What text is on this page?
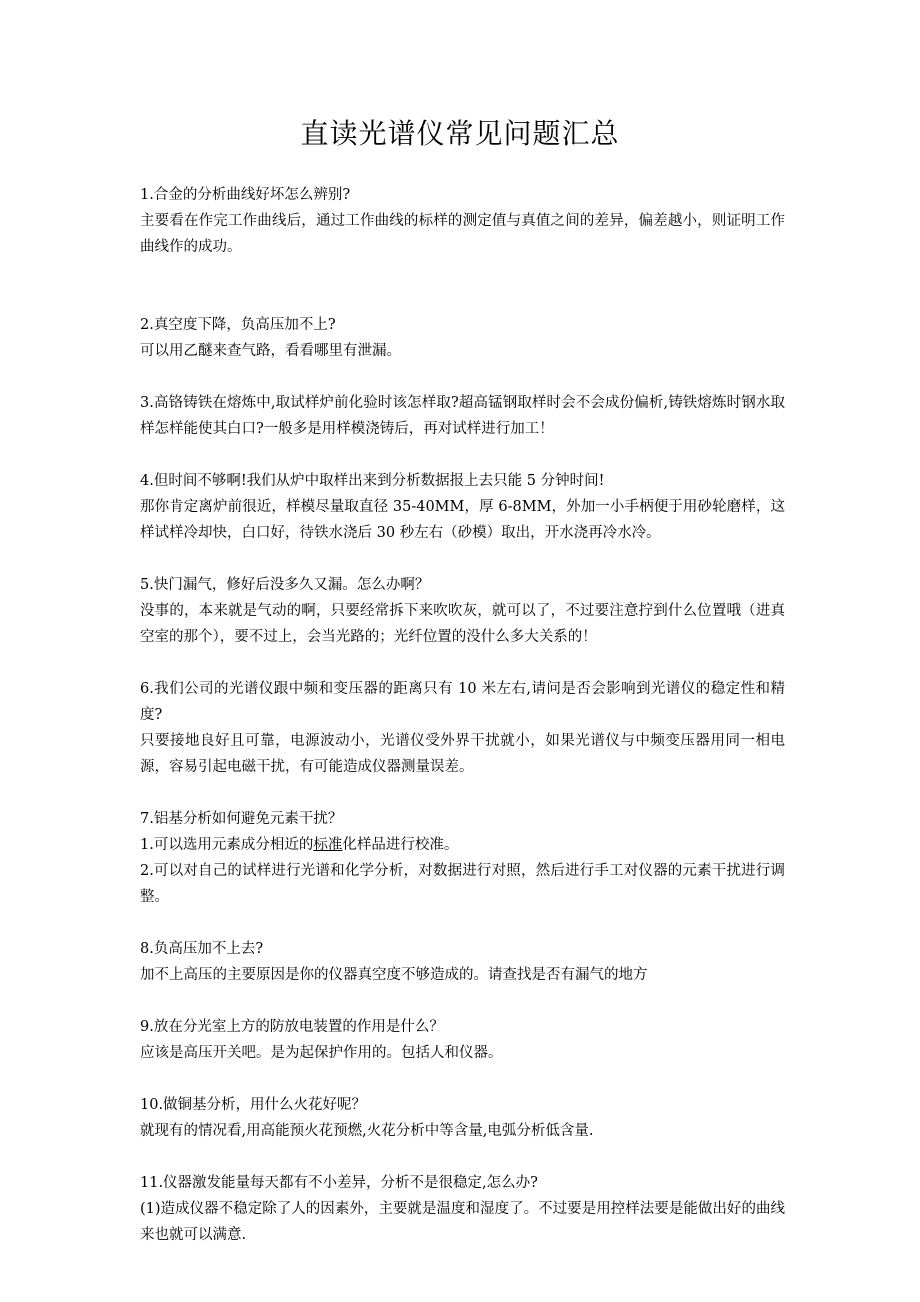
直读光谱仪常见问题汇总

1.合金的分析曲线好坏怎么辨别?

主要看在作完工作曲线后，通过工作曲线的标样的测定值与真值之间的差异，偏差越小，则证明工作曲线作的成功。

2.真空度下降，负高压加不上?

可以用乙醚来查气路，看看哪里有泄漏。

3.高铬铸铁在熔炼中,取试样炉前化验时该怎样取?超高锰钢取样时会不会成份偏析,铸铁熔炼时钢水取样怎样能使其白口?一般多是用样模浇铸后，再对试样进行加工！

4.但时间不够啊!我们从炉中取样出来到分析数据报上去只能 5 分钟时间!

那你肯定离炉前很近，样模尽量取直径 35-40MM，厚 6-8MM，外加一小手柄便于用砂轮磨样，这样试样冷却快，白口好，待铁水浇后 30 秒左右（砂模）取出，开水浇再冷水冷。

5.快门漏气，修好后没多久又漏。怎么办啊？

没事的，本来就是气动的啊，只要经常拆下来吹吹灰，就可以了，不过要注意拧到什么位置哦（进真空室的那个），要不过上，会当光路的；光纤位置的没什么多大关系的！

6.我们公司的光谱仪跟中频和变压器的距离只有 10 米左右,请问是否会影响到光谱仪的稳定性和精度?

只要接地良好且可靠，电源波动小，光谱仪受外界干扰就小，如果光谱仪与中频变压器用同一相电源，容易引起电磁干扰，有可能造成仪器测量误差。

7.铝基分析如何避免元素干扰？

1.可以选用元素成分相近的标准化样品进行校准。

2.可以对自己的试样进行光谱和化学分析，对数据进行对照，然后进行手工对仪器的元素干扰进行调整。

8.负高压加不上去?

加不上高压的主要原因是你的仪器真空度不够造成的。请查找是否有漏气的地方

9.放在分光室上方的防放电装置的作用是什么？

应该是高压开关吧。是为起保护作用的。包括人和仪器。

10.做铜基分析，用什么火花好呢？

就现有的情况看,用高能预火花预燃,火花分析中等含量,电弧分析低含量.

11.仪器激发能量每天都有不小差异，分析不是很稳定,怎么办?

(1)造成仪器不稳定除了人的因素外，主要就是温度和湿度了。不过要是用控样法要是能做出好的曲线来也就可以满意.
